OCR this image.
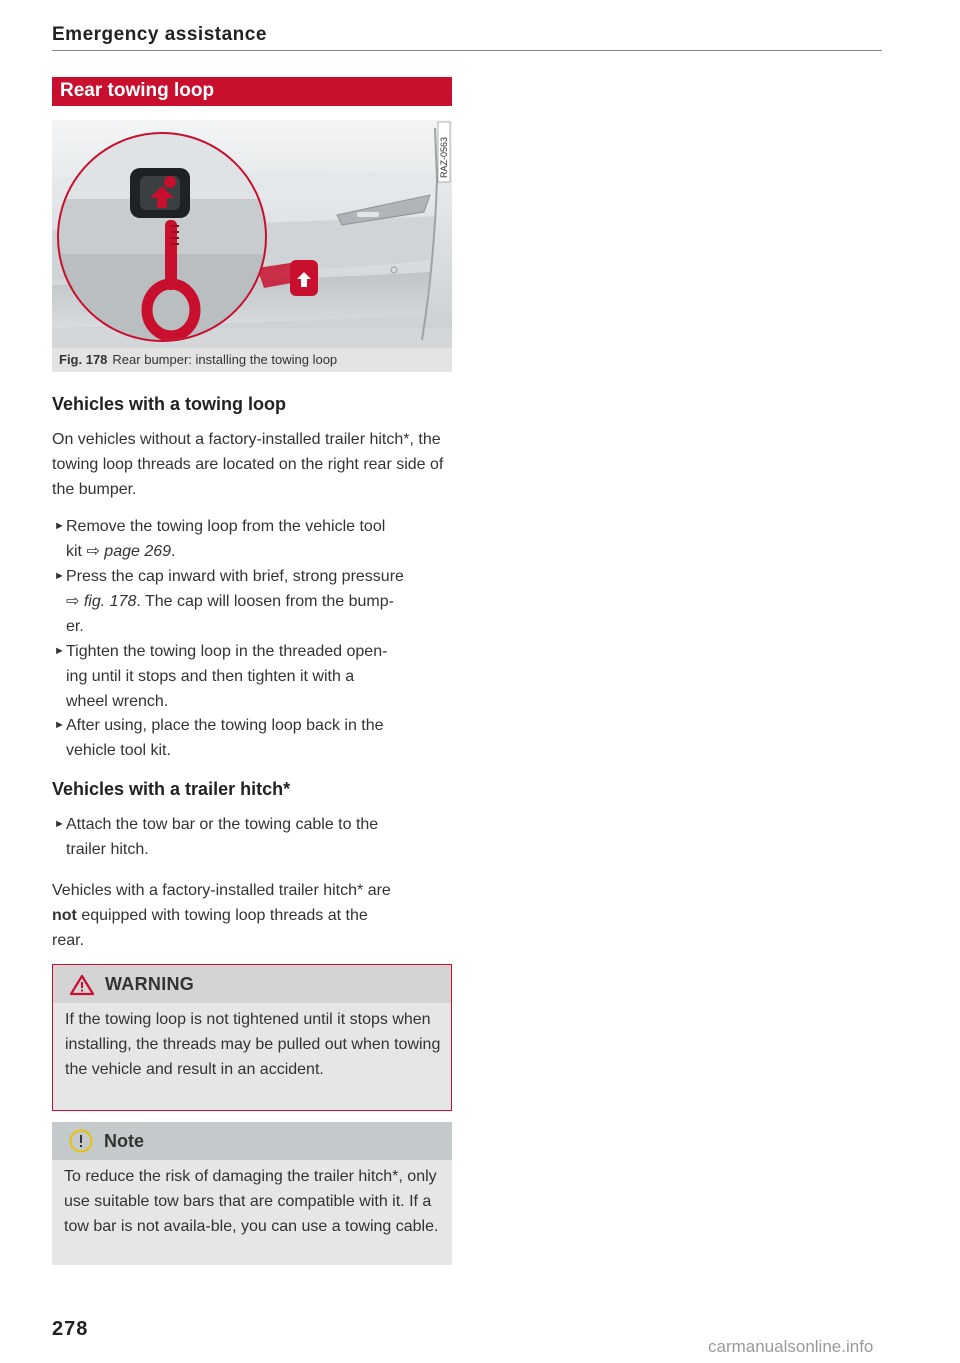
Emergency assistance
Rear towing loop
RAZ-0563
Fig. 178 Rear bumper: installing the towing loop
Vehicles with a towing loop
On vehicles without a factory-installed trailer hitch*, the towing loop threads are located on the right rear side of the bumper.
► Remove the towing loop from the vehicle tool
kit ⇨ page 269.
► Press the cap inward with brief, strong pressure
⇨ fig. 178. The cap will loosen from the bump-
er.
► Tighten the towing loop in the threaded open-
ing until it stops and then tighten it with a
wheel wrench.
► After using, place the towing loop back in the
vehicle tool kit.
Vehicles with a trailer hitch*
► Attach the tow bar or the towing cable to the
trailer hitch.
Vehicles with a factory-installed trailer hitch* are
not equipped with towing loop threads at the
rear.
WARNING
If the towing loop is not tightened until it stops when installing, the threads may be pulled out when towing the vehicle and result in an accident.
Note
To reduce the risk of damaging the trailer hitch*, only use suitable tow bars that are compatible with it. If a tow bar is not availa-ble, you can use a towing cable.
278
carmanualsonline.info
